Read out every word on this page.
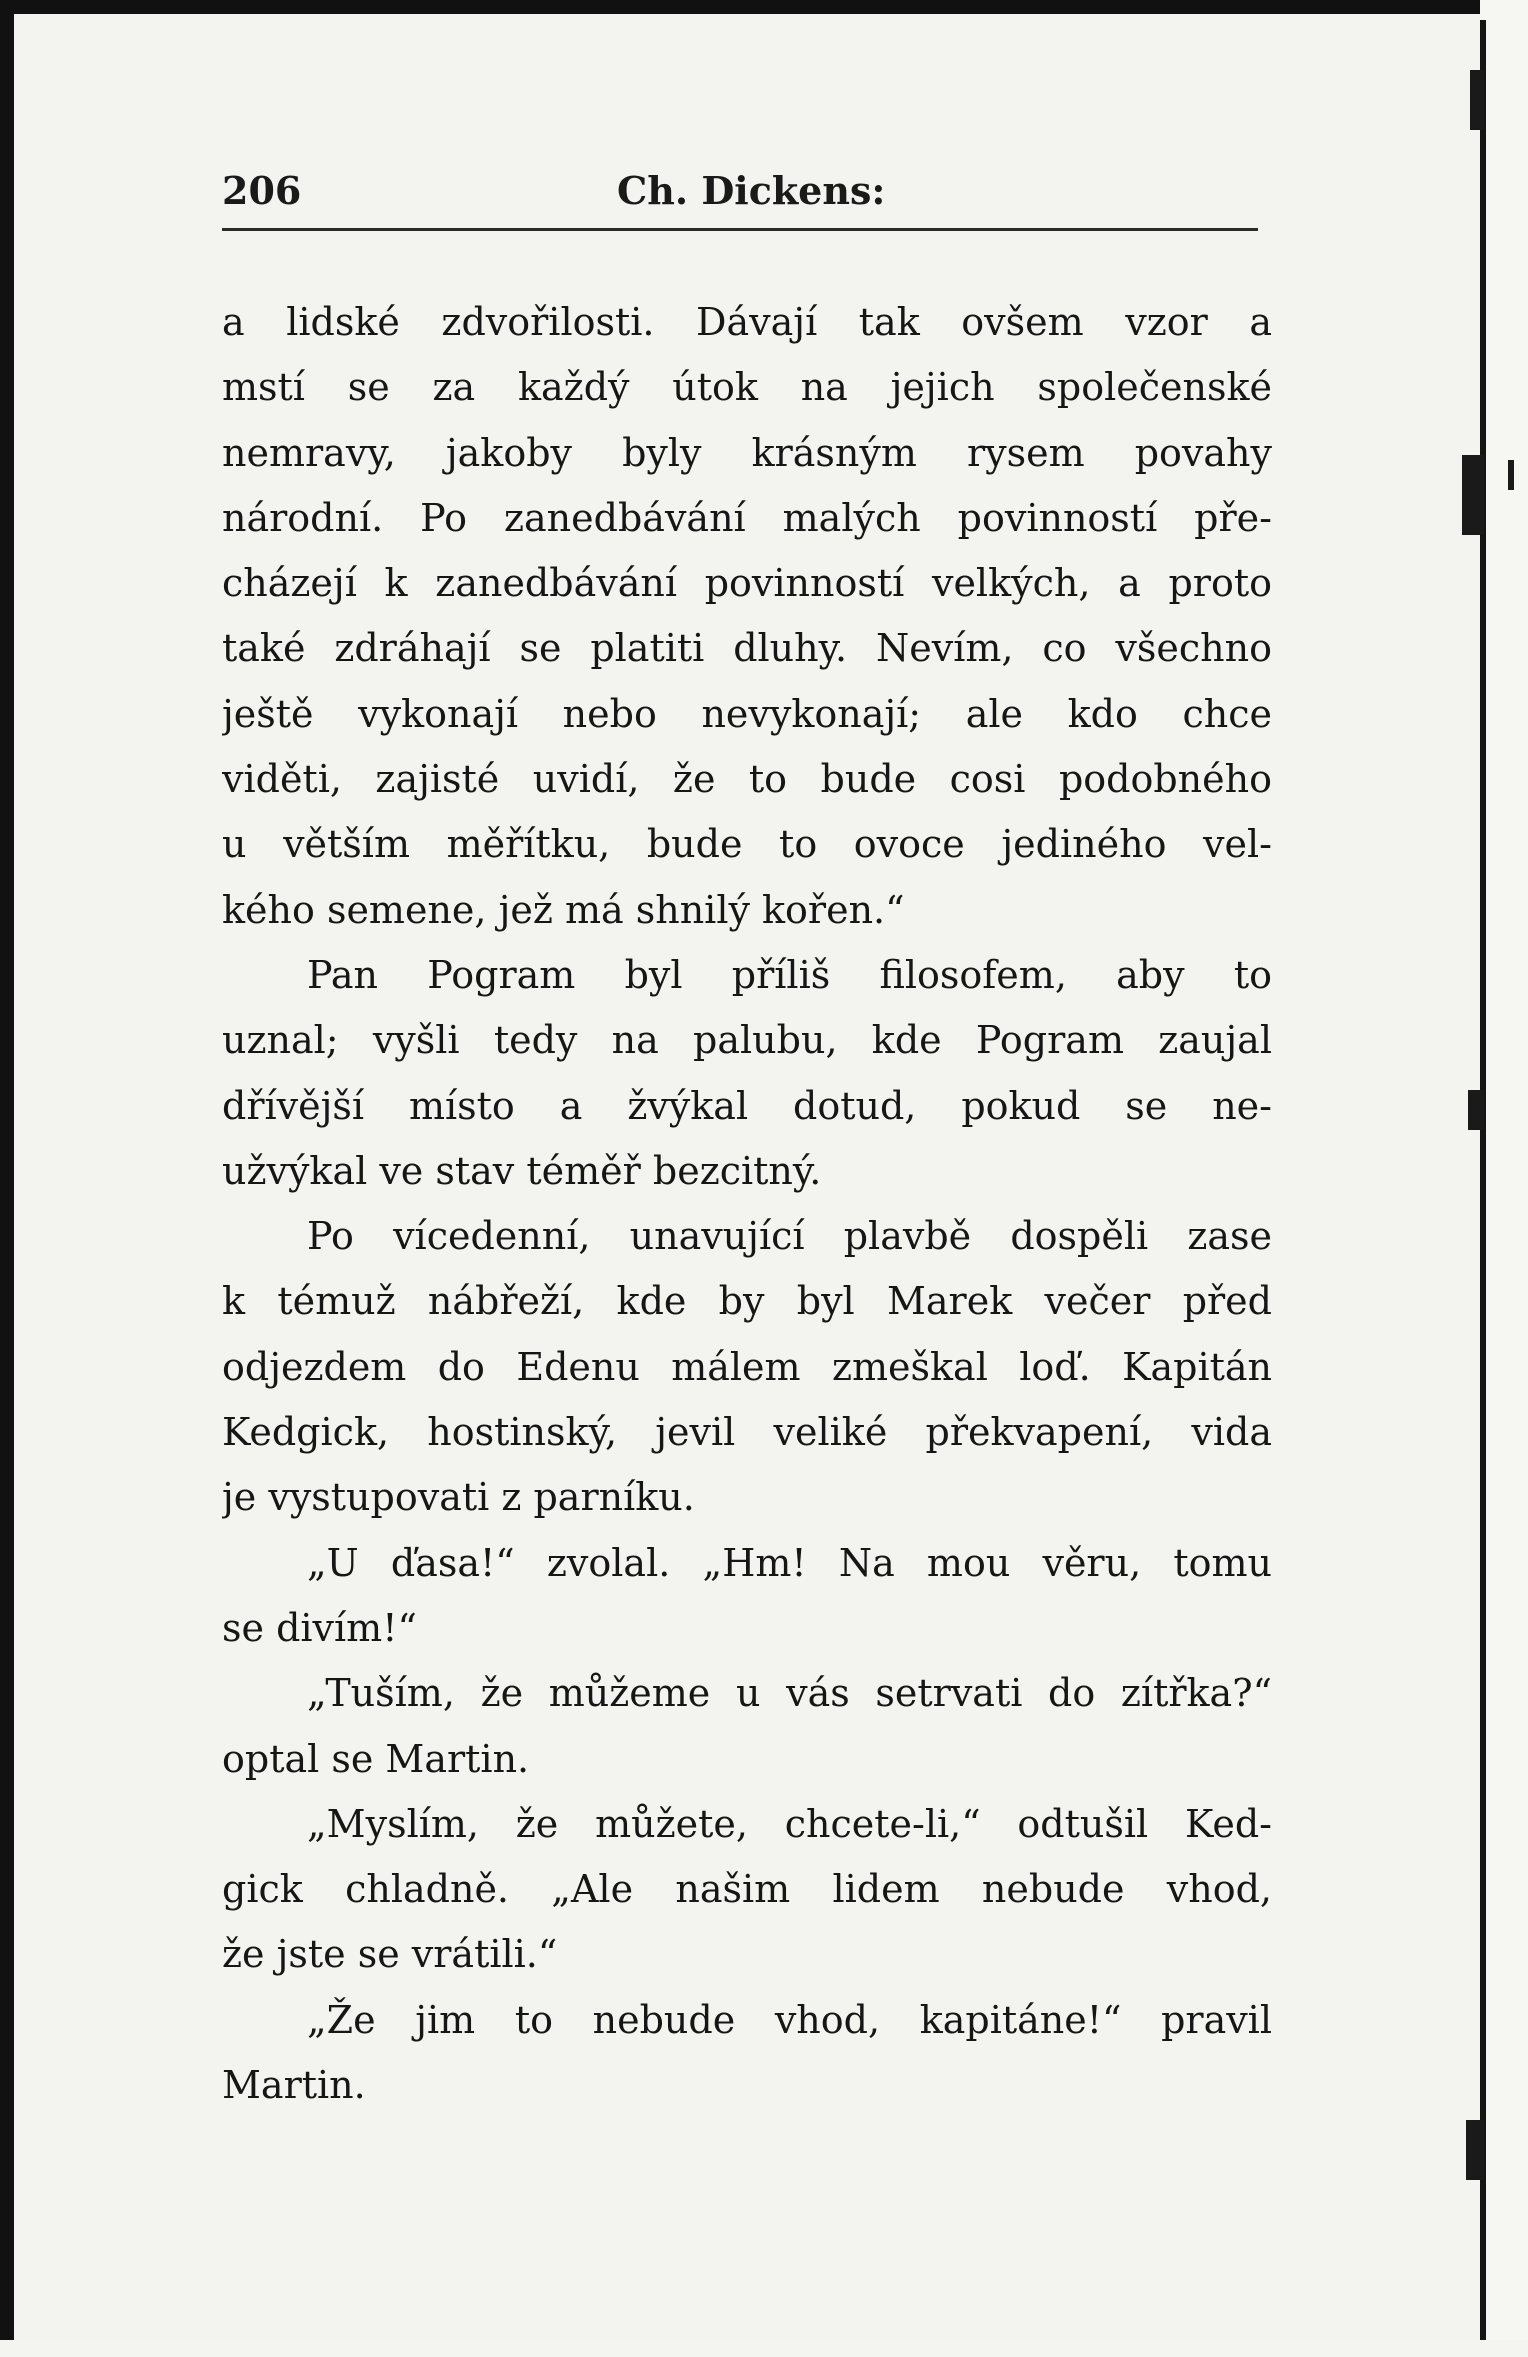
206	Ch. Dickens:
a lidské zdvořilosti. Dávají tak ovšem vzor a
mstí se za každý útok na jejich společenské
nemravy, jakoby byly krásným rysem povahy
národní. Po zanedbávání malých povinností pře-
cházejí k zanedbávání povinností velkých, a proto
také zdráhají se platiti dluhy. Nevím, co všechno
ještě vykonají nebo nevykonají; ale kdo chce
viděti, zajisté uvidí, že to bude cosi podobného
u větším měřítku, bude to ovoce jediného vel-
kého semene, jež má shnilý kořen.“
Pan Pogram byl příliš filosofem, aby to
uznal; vyšli tedy na palubu, kde Pogram zaujal
dřívější místo a žvýkal dotud, pokud se ne-
užvýkal ve stav téměř bezcitný.
Po vícedenní, unavující plavbě dospěli zase
k témuž nábřeží, kde by byl Marek večer před
odjezdem do Edenu málem zmeškal loď. Kapitán
Kedgick, hostinský, jevil veliké překvapení, vida
je vystupovati z parníku.
„U ďasa!“ zvolal. „Hm! Na mou věru, tomu
se divím!“
„Tuším, že můžeme u vás setrvati do zítřka?“
optal se Martin.
„Myslím, že můžete, chcete-li,“ odtušil Ked-
gick chladně. „Ale našim lidem nebude vhod,
že jste se vrátili.“
„Že jim to nebude vhod, kapitáne!“ pravil
Martin.
